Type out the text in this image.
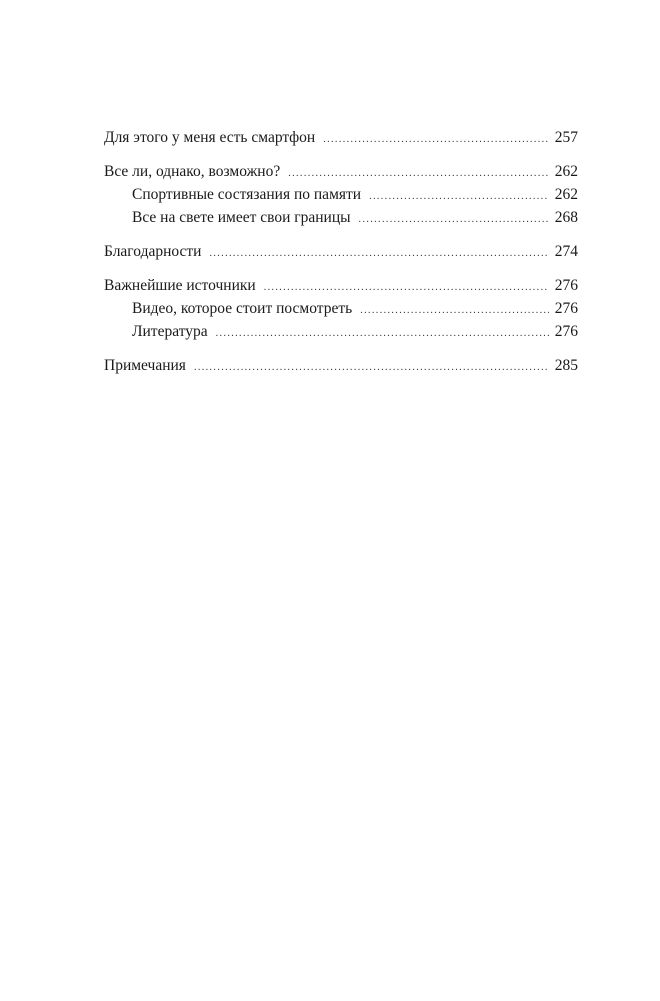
Для этого у меня есть смартфон .....	257
Все ли, однако, возможно? .....	262
Спортивные состязания по памяти .....	262
Все на свете имеет свои границы .....	268
Благодарности .....	274
Важнейшие источники .....	276
Видео, которое стоит посмотреть .....	276
Литература .....	276
Примечания .....	285
